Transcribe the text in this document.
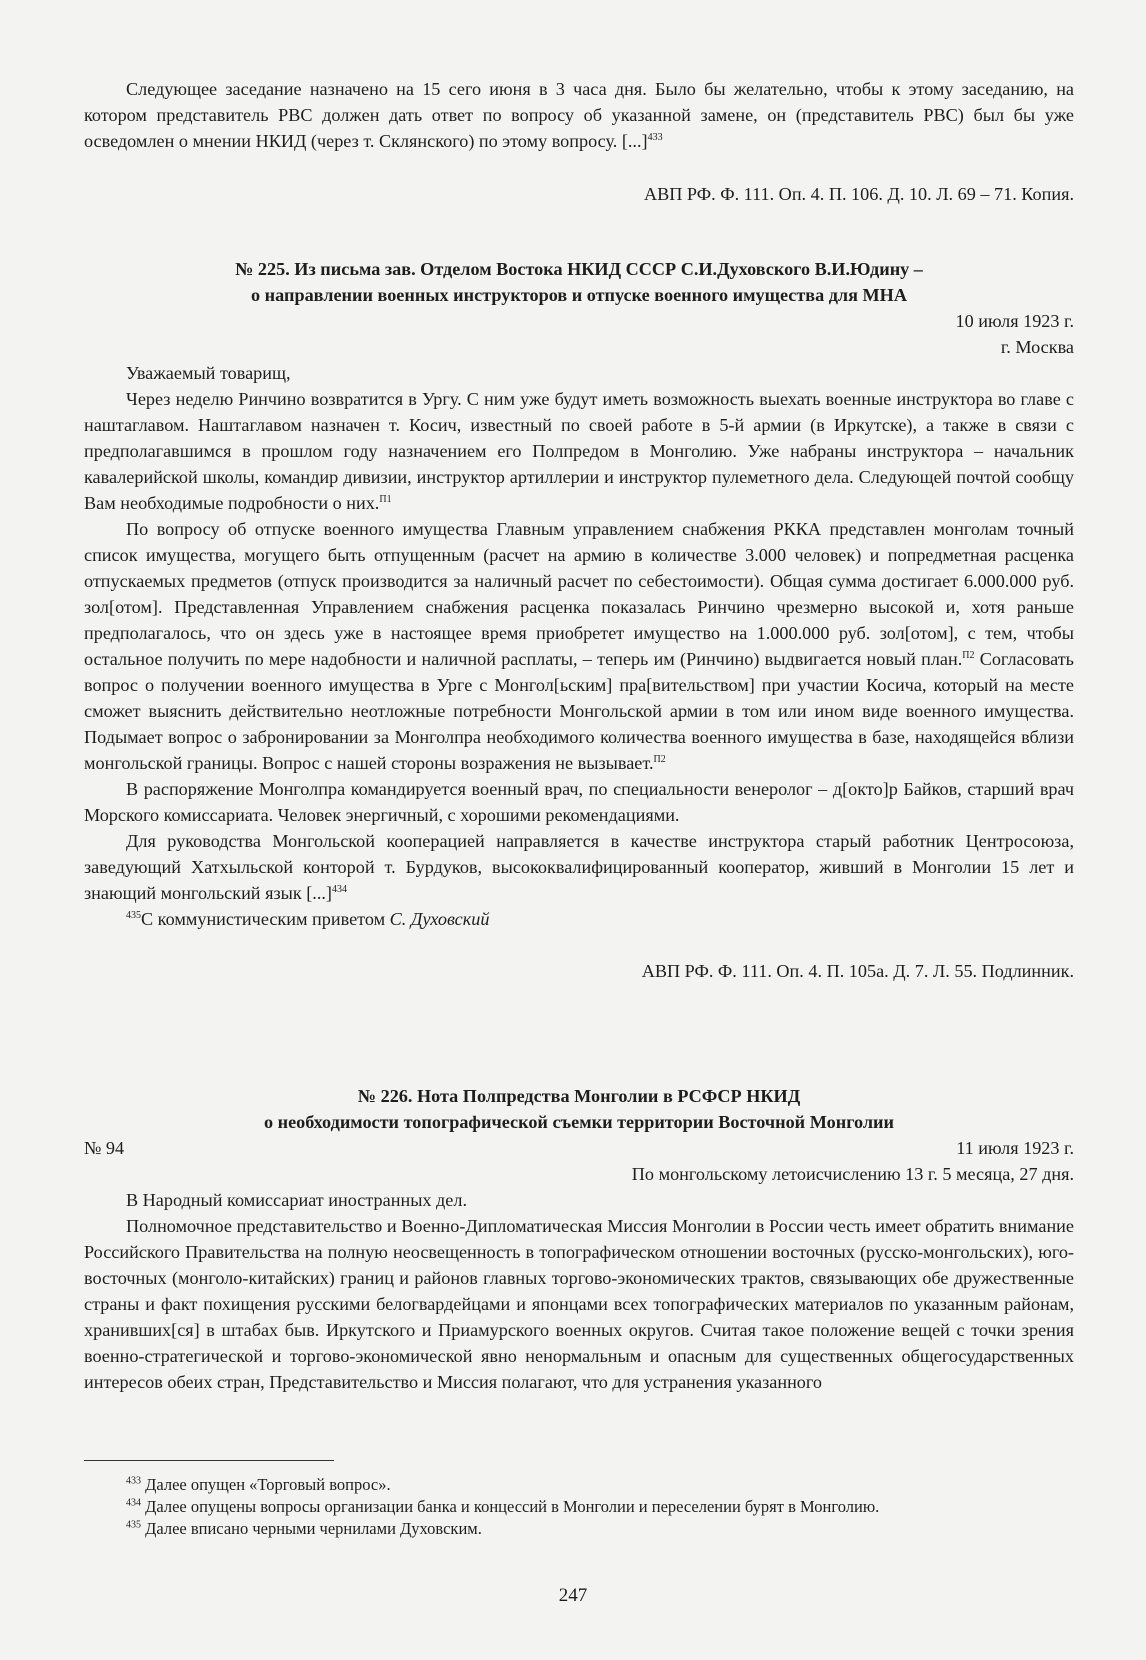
Следующее заседание назначено на 15 сего июня в 3 часа дня. Было бы желательно, чтобы к этому заседанию, на котором представитель РВС должен дать ответ по вопросу об указанной замене, он (представитель РВС) был бы уже осведомлен о мнении НКИД (через т. Склянского) по этому вопросу. [...]$^{433}$

АВП РФ. Ф. 111. Оп. 4. П. 106. Д. 10. Л. 69 – 71. Копия.

№ 225. Из письма зав. Отделом Востока НКИД СССР С.И.Духовского В.И.Юдину –

о направлении военных инструкторов и отпуске военного имущества для МНА

10 июля 1923 г.

г. Москва

Уважаемый товарищ,

Через неделю Ринчино возвратится в Ургу. С ним уже будут иметь возможность выехать военные инструктора во главе с наштаглавом. Наштаглавом назначен т. Косич, известный по своей работе в 5-й армии (в Иркутске), а также в связи с предполагавшимся в прошлом году назначением его Полпредом в Монголию. Уже набраны инструктора – начальник кавалерийской школы, командир дивизии, инструктор артиллерии и инструктор пулеметного дела. Следующей почтой сообщу Вам необходимые подробности о них.$^{П1}$

По вопросу об отпуске военного имущества Главным управлением снабжения РККА представлен монголам точный список имущества, могущего быть отпущенным (расчет на армию в количестве 3.000 человек) и попредметная расценка отпускаемых предметов (отпуск производится за наличный расчет по себестоимости). Общая сумма достигает 6.000.000 руб. зол[отом]. Представленная Управлением снабжения расценка показалась Ринчино чрезмерно высокой и, хотя раньше предполагалось, что он здесь уже в настоящее время приобретет имущество на 1.000.000 руб. зол[отом], с тем, чтобы остальное получить по мере надобности и наличной расплаты, – теперь им (Ринчино) выдвигается новый план.$^{П2}$ Согласовать вопрос о получении военного имущества в Урге с Монгол[ьским] пра[вительством] при участии Косича, который на месте сможет выяснить действительно неотложные потребности Монгольской армии в том или ином виде военного имущества. Подымает вопрос о забронировании за Монголпра необходимого количества военного имущества в базе, находящейся вблизи монгольской границы. Вопрос с нашей стороны возражения не вызывает.$^{П2}$

В распоряжение Монголпра командируется военный врач, по специальности венеролог – д[окто]р Байков, старший врач Морского комиссариата. Человек энергичный, с хорошими рекомендациями.

Для руководства Монгольской кооперацией направляется в качестве инструктора старый работник Центросоюза, заведующий Хатхыльской конторой т. Бурдуков, высококвалифицированный кооператор, живший в Монголии 15 лет и знающий монгольский язык [...]$^{434}$

$^{435}$С коммунистическим приветом С. Духовский

АВП РФ. Ф. 111. Оп. 4. П. 105а. Д. 7. Л. 55. Подлинник.

№ 226. Нота Полпредства Монголии в РСФСР НКИД

о необходимости топографической съемки территории Восточной Монголии

№ 94	11 июля 1923 г.

По монгольскому летоисчислению 13 г. 5 месяца, 27 дня.

В Народный комиссариат иностранных дел.

Полномочное представительство и Военно-Дипломатическая Миссия Монголии в России честь имеет обратить внимание Российского Правительства на полную неосвещенность в топографическом отношении восточных (русско-монгольских), юго-восточных (монголо-китайских) границ и районов главных торгово-экономических трактов, связывающих обе дружественные страны и факт похищения русскими белогвардейцами и японцами всех топографических материалов по указанным районам, хранивших[ся] в штабах быв. Иркутского и Приамурского военных округов. Считая такое положение вещей с точки зрения военно-стратегической и торгово-экономической явно ненормальным и опасным для существенных общегосударственных интересов обеих стран, Представительство и Миссия полагают, что для устранения указанного

$^{433}$ Далее опущен «Торговый вопрос».
$^{434}$ Далее опущены вопросы организации банка и концессий в Монголии и переселении бурят в Монголию.
$^{435}$ Далее вписано черными чернилами Духовским.
247
